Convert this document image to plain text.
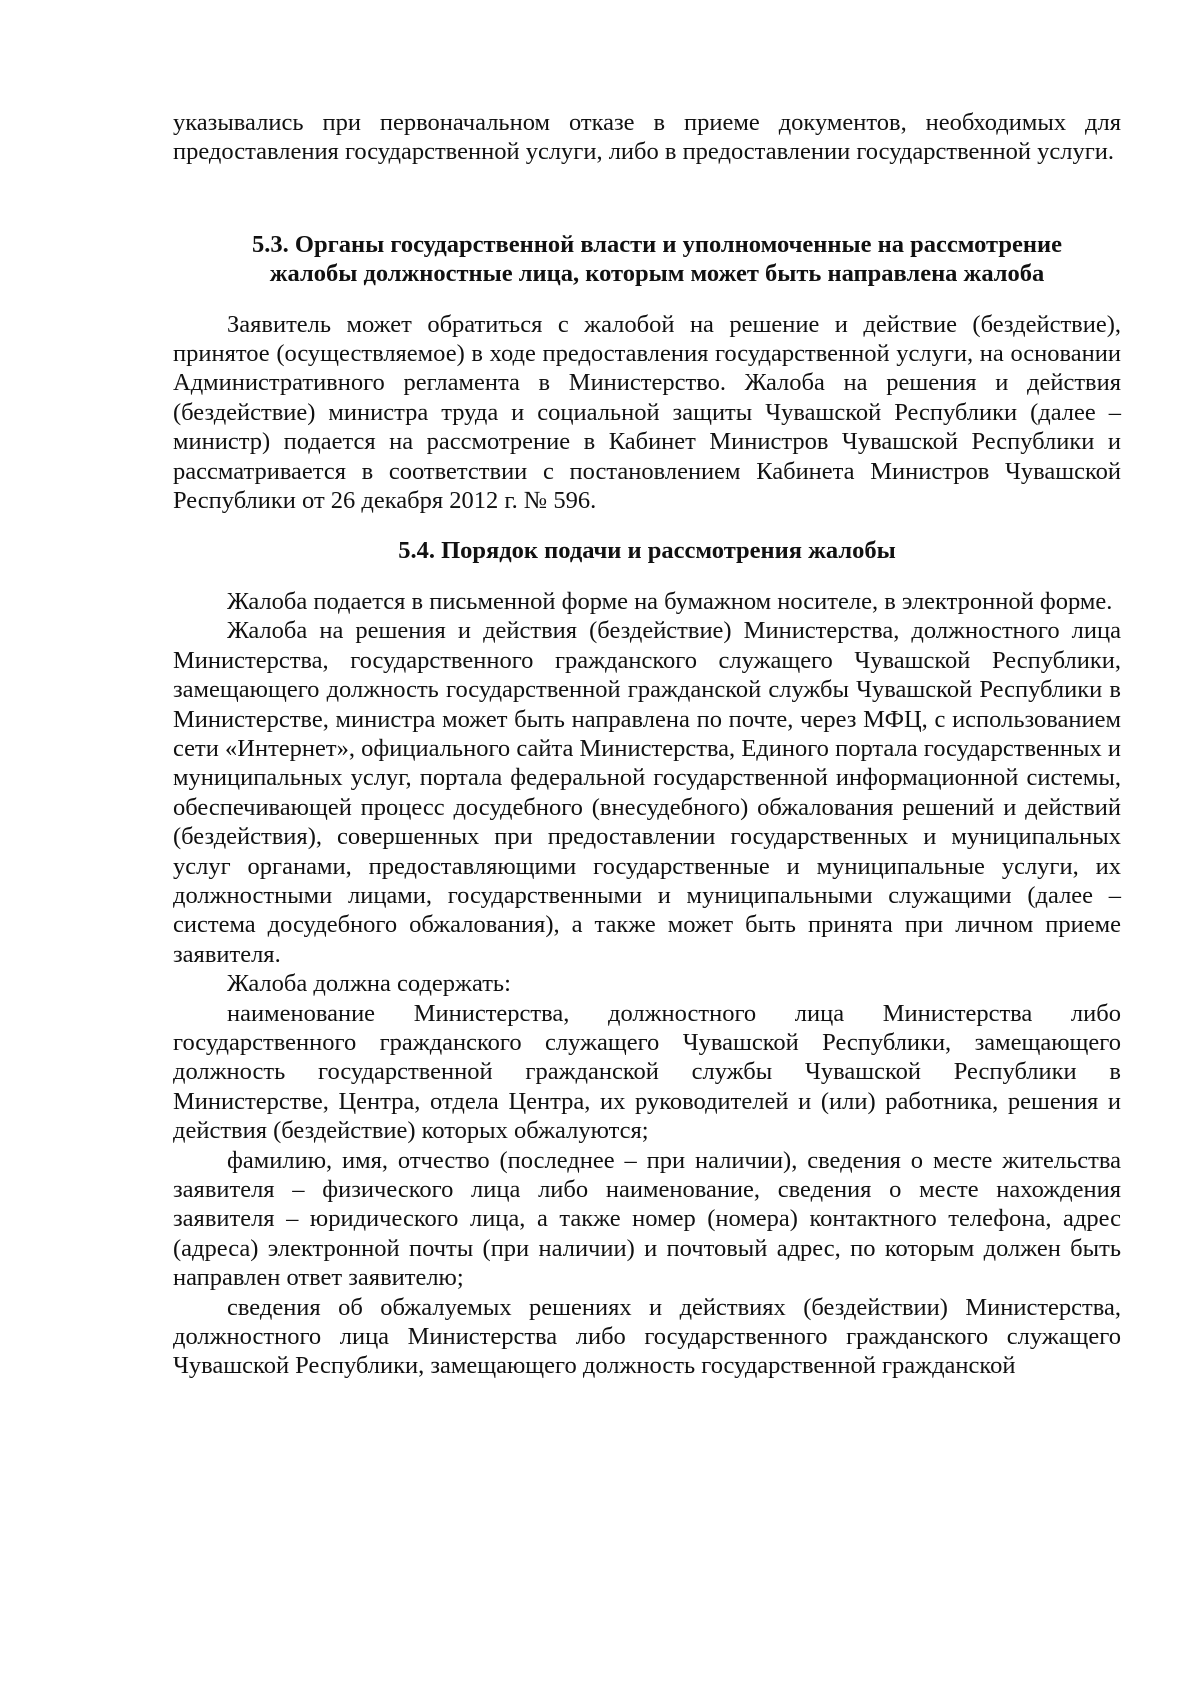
указывались при первоначальном отказе в приеме документов, необходимых для предоставления государственной услуги, либо в предоставлении государственной услуги.

5.3. Органы государственной власти и уполномоченные на рассмотрение
жалобы должностные лица, которым может быть направлена жалоба

Заявитель может обратиться с жалобой на решение и действие (бездействие), принятое (осуществляемое) в ходе предоставления государственной услуги, на основании Административного регламента в Министерство. Жалоба на решения и действия (бездействие) министра труда и социальной защиты Чувашской Республики (далее – министр) подается на рассмотрение в Кабинет Министров Чувашской Республики и рассматривается в соответствии с постановлением Кабинета Министров Чувашской Республики от 26 декабря 2012 г. № 596.

5.4. Порядок подачи и рассмотрения жалобы

Жалоба подается в письменной форме на бумажном носителе, в электронной форме.

Жалоба на решения и действия (бездействие) Министерства, должностного лица Министерства, государственного гражданского служащего Чувашской Республики, замещающего должность государственной гражданской службы Чувашской Республики в Министерстве, министра может быть направлена по почте, через МФЦ, с использованием сети «Интернет», официального сайта Министерства, Единого портала государственных и муниципальных услуг, портала федеральной государственной информационной системы, обеспечивающей процесс досудебного (внесудебного) обжалования решений и действий (бездействия), совершенных при предоставлении государственных и муниципальных услуг органами, предоставляющими государственные и муниципальные услуги, их должностными лицами, государственными и муниципальными служащими (далее – система досудебного обжалования), а также может быть принята при личном приеме заявителя.

Жалоба должна содержать:

наименование Министерства, должностного лица Министерства либо государственного гражданского служащего Чувашской Республики, замещающего должность государственной гражданской службы Чувашской Республики в Министерстве, Центра, отдела Центра, их руководителей и (или) работника, решения и действия (бездействие) которых обжалуются;

фамилию, имя, отчество (последнее – при наличии), сведения о месте жительства заявителя – физического лица либо наименование, сведения о месте нахождения заявителя – юридического лица, а также номер (номера) контактного телефона, адрес (адреса) электронной почты (при наличии) и почтовый адрес, по которым должен быть направлен ответ заявителю;

сведения об обжалуемых решениях и действиях (бездействии) Министерства, должностного лица Министерства либо государственного гражданского служащего Чувашской Республики, замещающего должность государственной гражданской
